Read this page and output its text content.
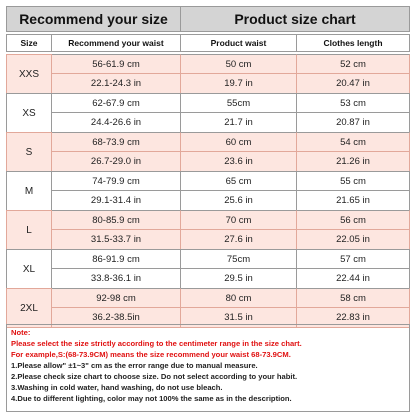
Recommend your size	Product size chart
Size	Recommend your waist	Product waist	Clothes length
XXS
56-61.9 cm	50 cm	52 cm
22.1-24.3 in	19.7 in	20.47 in
XS
62-67.9 cm	55cm	53 cm
24.4-26.6 in	21.7 in	20.87 in
S
68-73.9 cm	60 cm	54 cm
26.7-29.0 in	23.6 in	21.26 in
M
74-79.9 cm	65 cm	55 cm
29.1-31.4 in	25.6 in	21.65 in
L
80-85.9 cm	70 cm	56 cm
31.5-33.7 in	27.6 in	22.05 in
XL
86-91.9 cm	75cm	57 cm
33.8-36.1 in	29.5 in	22.44 in
2XL
92-98 cm	80 cm	58 cm
36.2-38.5in	31.5 in	22.83 in
Note:
Please select the size strictly according to the centimeter range in the size chart.
For example,S:(68-73.9CM) means the size recommend your waist 68-73.9CM.
1.Please allow" ±1~3" cm as the error range due to manual measure.
2.Please check size chart to choose size. Do not select according to your habit.
3.Washing in cold water, hand washing, do not use bleach.
4.Due to different lighting, color may not 100% the same as in the description.
